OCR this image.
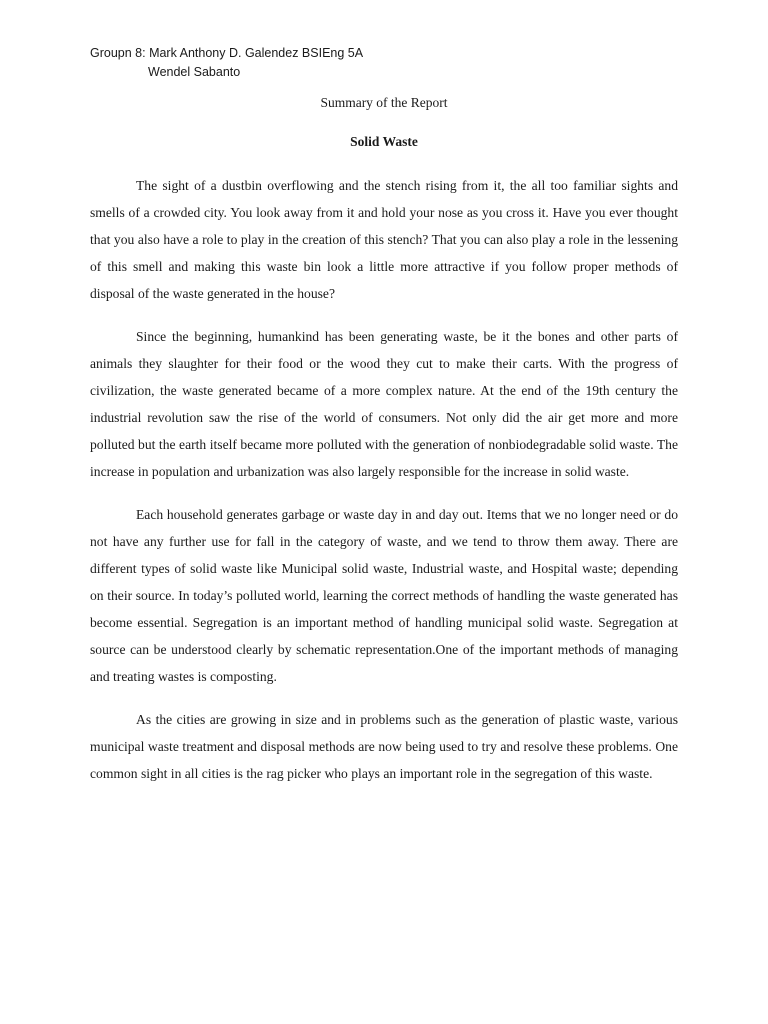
Groupn 8: Mark Anthony D. Galendez BSIEng 5A
Wendel Sabanto
Summary of the Report
Solid Waste

The sight of a dustbin overflowing and the stench rising from it, the all too familiar sights and smells of a crowded city. You look away from it and hold your nose as you cross it. Have you ever thought that you also have a role to play in the creation of this stench? That you can also play a role in the lessening of this smell and making this waste bin look a little more attractive if you follow proper methods of disposal of the waste generated in the house?

Since the beginning, humankind has been generating waste, be it the bones and other parts of animals they slaughter for their food or the wood they cut to make their carts. With the progress of civilization, the waste generated became of a more complex nature. At the end of the 19th century the industrial revolution saw the rise of the world of consumers. Not only did the air get more and more polluted but the earth itself became more polluted with the generation of nonbiodegradable solid waste. The increase in population and urbanization was also largely responsible for the increase in solid waste.

Each household generates garbage or waste day in and day out. Items that we no longer need or do not have any further use for fall in the category of waste, and we tend to throw them away. There are different types of solid waste like Municipal solid waste, Industrial waste, and Hospital waste; depending on their source. In today’s polluted world, learning the correct methods of handling the waste generated has become essential. Segregation is an important method of handling municipal solid waste. Segregation at source can be understood clearly by schematic representation.One of the important methods of managing and treating wastes is composting.

As the cities are growing in size and in problems such as the generation of plastic waste, various municipal waste treatment and disposal methods are now being used to try and resolve these problems. One common sight in all cities is the rag picker who plays an important role in the segregation of this waste.
